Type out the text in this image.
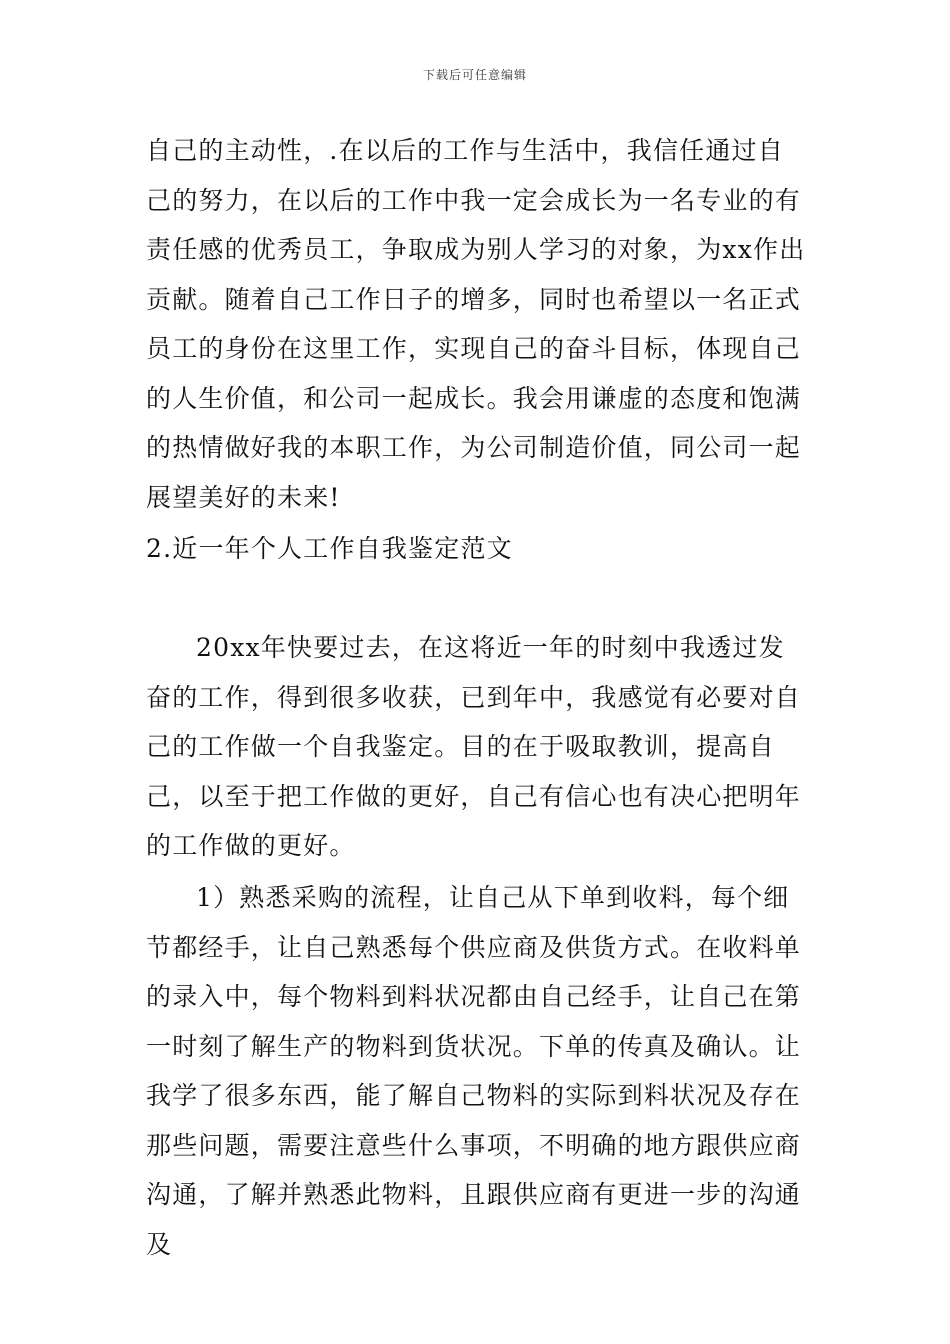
下载后可任意编辑

自己的主动性，.在以后的工作与生活中，我信任通过自己的努力，在以后的工作中我一定会成长为一名专业的有责任感的优秀员工，争取成为别人学习的对象，为xx作出贡献。随着自己工作日子的增多，同时也希望以一名正式员工的身份在这里工作，实现自己的奋斗目标，体现自己的人生价值，和公司一起成长。我会用谦虚的态度和饱满的热情做好我的本职工作，为公司制造价值，同公司一起展望美好的未来!

2.近一年个人工作自我鉴定范文

20xx年快要过去，在这将近一年的时刻中我透过发奋的工作，得到很多收获，已到年中，我感觉有必要对自己的工作做一个自我鉴定。目的在于吸取教训，提高自己，以至于把工作做的更好，自己有信心也有决心把明年的工作做的更好。

1）熟悉采购的流程，让自己从下单到收料，每个细节都经手，让自己熟悉每个供应商及供货方式。在收料单的录入中，每个物料到料状况都由自己经手，让自己在第一时刻了解生产的物料到货状况。下单的传真及确认。让我学了很多东西，能了解自己物料的实际到料状况及存在那些问题，需要注意些什么事项，不明确的地方跟供应商沟通，了解并熟悉此物料，且跟供应商有更进一步的沟通及
